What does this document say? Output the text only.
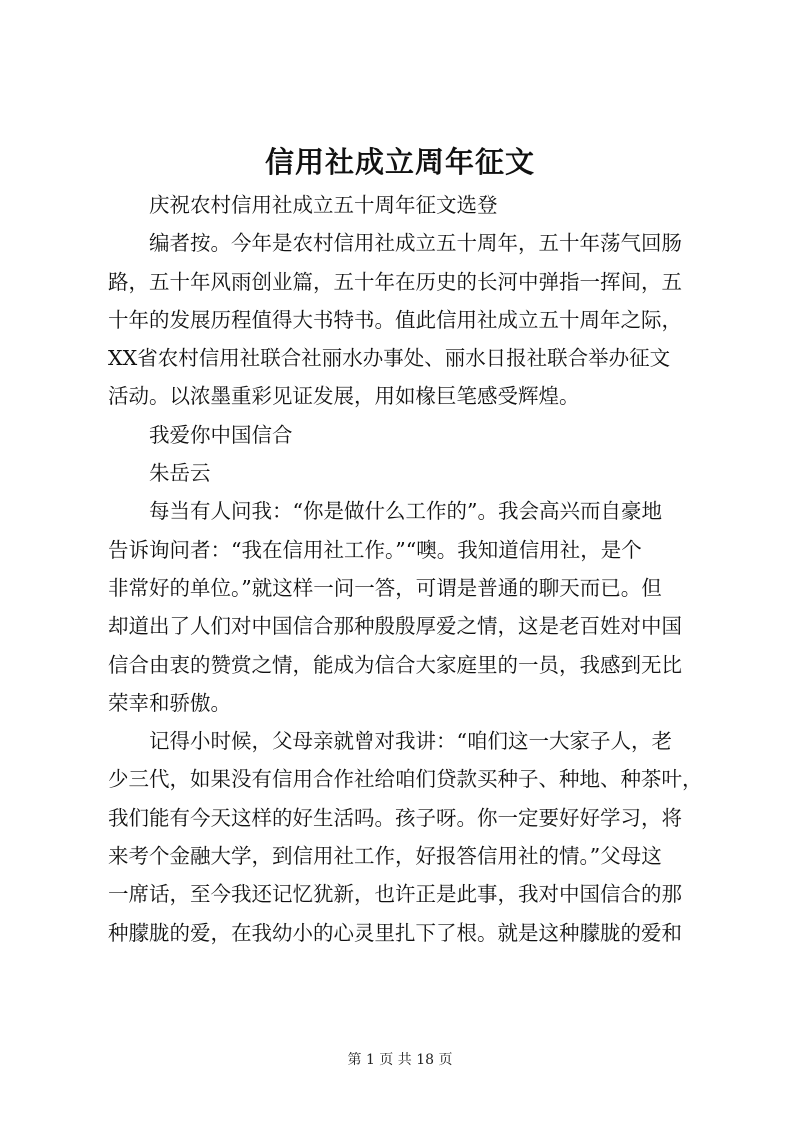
信用社成立周年征文

庆祝农村信用社成立五十周年征文选登

编者按。今年是农村信用社成立五十周年，五十年荡气回肠
路，五十年风雨创业篇，五十年在历史的长河中弹指一挥间，五
十年的发展历程值得大书特书。值此信用社成立五十周年之际，
XX省农村信用社联合社丽水办事处、丽水日报社联合举办征文
活动。以浓墨重彩见证发展，用如椽巨笔感受辉煌。

我爱你中国信合

朱岳云

每当有人问我：“你是做什么工作的”。我会高兴而自豪地
告诉询问者：“我在信用社工作。”“噢。我知道信用社，是个
非常好的单位。”就这样一问一答，可谓是普通的聊天而已。但
却道出了人们对中国信合那种殷殷厚爱之情，这是老百姓对中国
信合由衷的赞赏之情，能成为信合大家庭里的一员，我感到无比
荣幸和骄傲。

记得小时候，父母亲就曾对我讲：“咱们这一大家子人，老
少三代，如果没有信用合作社给咱们贷款买种子、种地、种茶叶，
我们能有今天这样的好生活吗。孩子呀。你一定要好好学习，将
来考个金融大学，到信用社工作，好报答信用社的情。”父母这
一席话，至今我还记忆犹新，也许正是此事，我对中国信合的那
种朦胧的爱，在我幼小的心灵里扎下了根。就是这种朦胧的爱和

第 1 页 共 18 页
